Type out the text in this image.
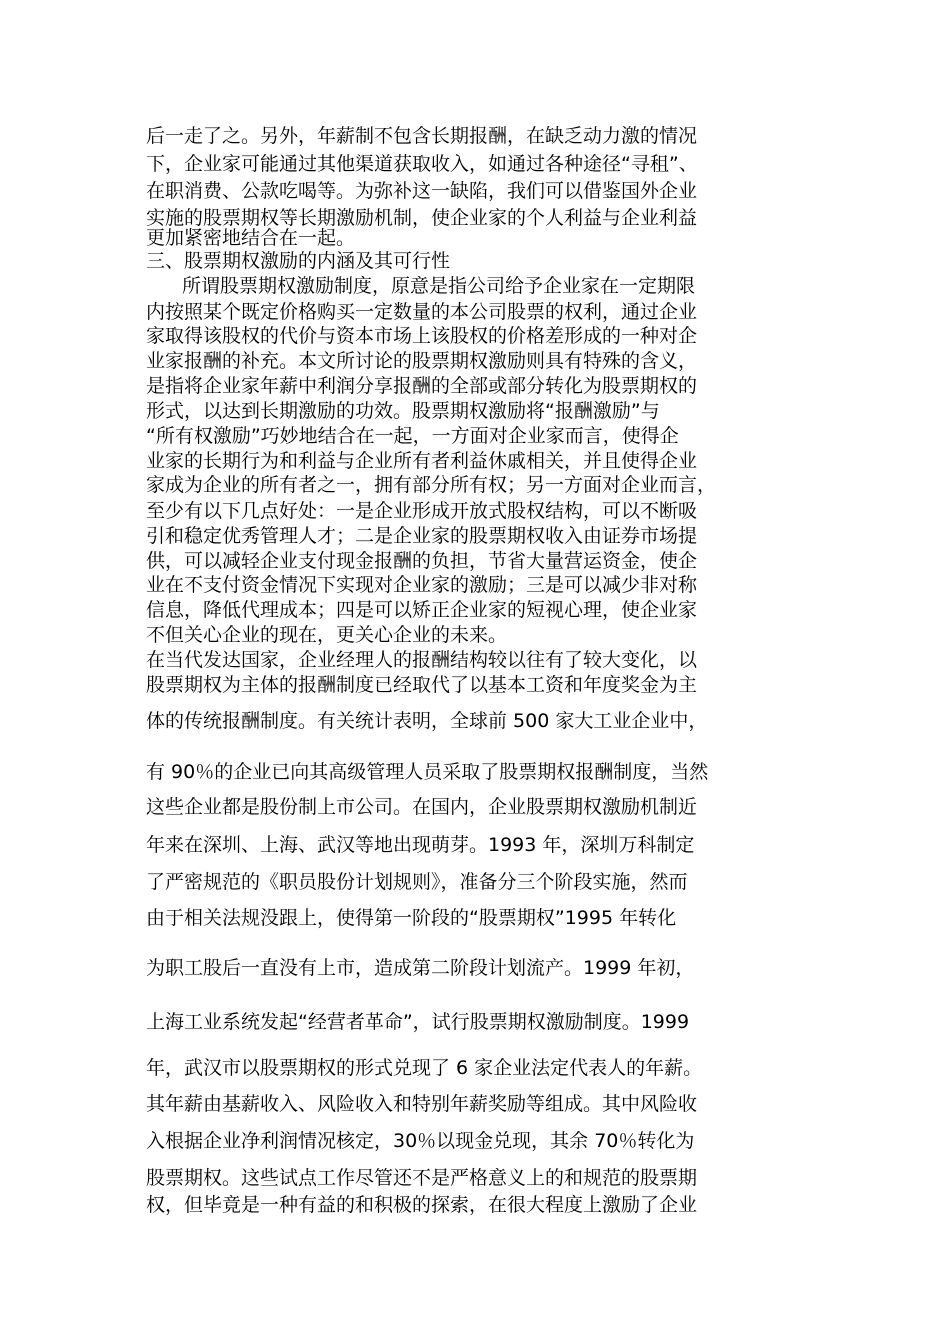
后一走了之。另外，年薪制不包含长期报酬，在缺乏动力激的情况
下，企业家可能通过其他渠道获取收入，如通过各种途径“寻租”、
在职消费、公款吃喝等。为弥补这一缺陷，我们可以借鉴国外企业
实施的股票期权等长期激励机制，使企业家的个人利益与企业利益
更加紧密地结合在一起。
三、股票期权激励的内涵及其可行性
所谓股票期权激励制度，原意是指公司给予企业家在一定期限
内按照某个既定价格购买一定数量的本公司股票的权利，通过企业
家取得该股权的代价与资本市场上该股权的价格差形成的一种对企
业家报酬的补充。本文所讨论的股票期权激励则具有特殊的含义，
是指将企业家年薪中利润分享报酬的全部或部分转化为股票期权的
形式，以达到长期激励的功效。股票期权激励将“报酬激励”与
“所有权激励”巧妙地结合在一起，一方面对企业家而言，使得企
业家的长期行为和利益与企业所有者利益休戚相关，并且使得企业
家成为企业的所有者之一，拥有部分所有权；另一方面对企业而言，
至少有以下几点好处：一是企业形成开放式股权结构，可以不断吸
引和稳定优秀管理人才；二是企业家的股票期权收入由证券市场提
供，可以减轻企业支付现金报酬的负担，节省大量营运资金，使企
业在不支付资金情况下实现对企业家的激励；三是可以减少非对称
信息，降低代理成本；四是可以矫正企业家的短视心理，使企业家
不但关心企业的现在，更关心企业的未来。
在当代发达国家，企业经理人的报酬结构较以往有了较大变化，以
股票期权为主体的报酬制度已经取代了以基本工资和年度奖金为主
体的传统报酬制度。有关统计表明，全球前 500 家大工业企业中，
有 90％的企业已向其高级管理人员采取了股票期权报酬制度，当然
这些企业都是股份制上市公司。在国内，企业股票期权激励机制近
年来在深圳、上海、武汉等地出现萌芽。1993 年，深圳万科制定
了严密规范的《职员股份计划规则》，准备分三个阶段实施，然而
由于相关法规没跟上，使得第一阶段的“股票期权”1995 年转化
为职工股后一直没有上市，造成第二阶段计划流产。1999 年初，
上海工业系统发起“经营者革命”，试行股票期权激励制度。1999
年，武汉市以股票期权的形式兑现了 6 家企业法定代表人的年薪。
其年薪由基薪收入、风险收入和特别年薪奖励等组成。其中风险收
入根据企业净利润情况核定，30％以现金兑现，其余 70％转化为
股票期权。这些试点工作尽管还不是严格意义上的和规范的股票期
权，但毕竟是一种有益的和积极的探索，在很大程度上激励了企业
